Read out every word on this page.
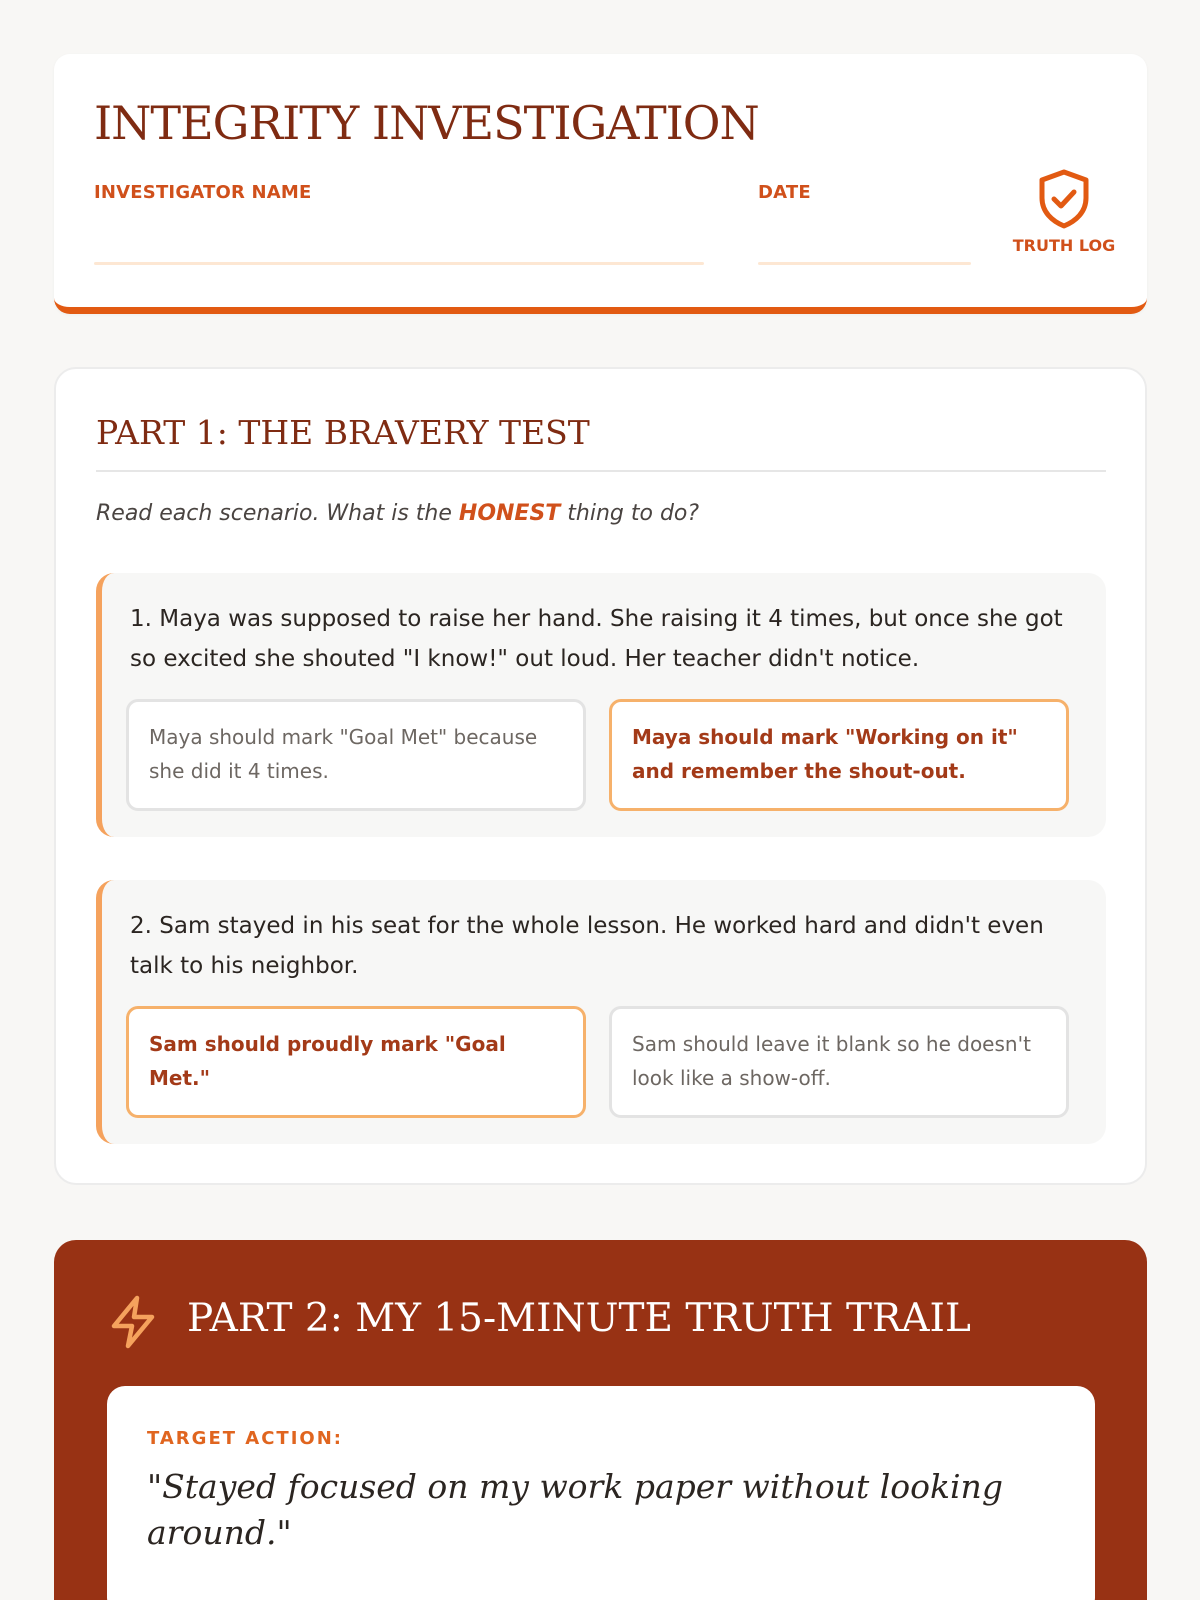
INTEGRITY INVESTIGATION
INVESTIGATOR NAME	DATE
TRUTH LOG
PART 1: THE BRAVERY TEST

Read each scenario. What is the HONEST thing to do?

1. Maya was supposed to raise her hand. She raising it 4 times, but once she got so excited she shouted "I know!" out loud. Her teacher didn't notice.

Maya should mark "Goal Met" because she did it 4 times.
Maya should mark "Working on it" and remember the shout-out.

2. Sam stayed in his seat for the whole lesson. He worked hard and didn't even talk to his neighbor.

Sam should proudly mark "Goal Met."
Sam should leave it blank so he doesn't look like a show-off.
PART 2: MY 15-MINUTE TRUTH TRAIL
TARGET ACTION:

"Stayed focused on my work paper without looking around."
